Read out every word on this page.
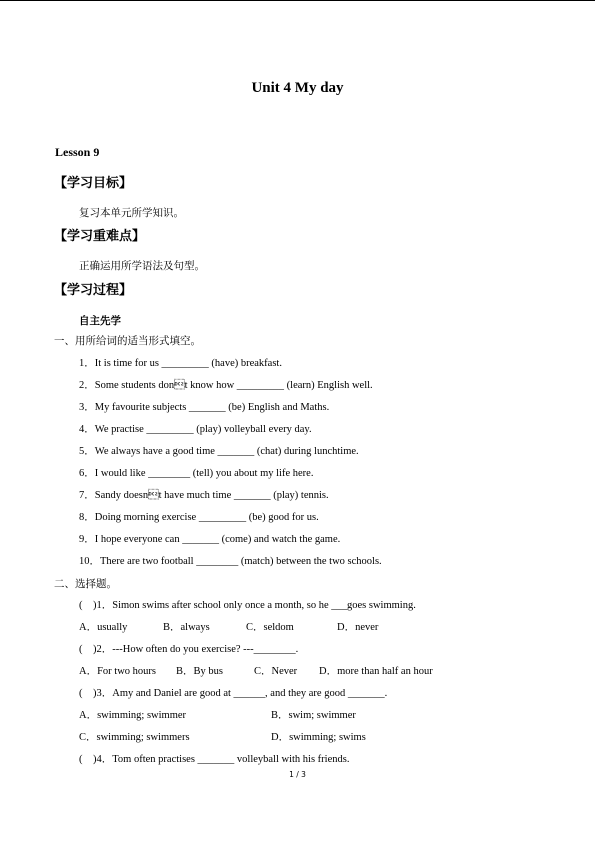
Unit 4 My day
Lesson 9
【学习目标】
复习本单元所学知识。
【学习重难点】
正确运用所学语法及句型。
【学习过程】
自主先学
一、用所给词的适当形式填空。
1．It is time for us _________ (have) breakfast.
2．Some students dont know how _________ (learn) English well.
3．My favourite subjects _______ (be) English and Maths.
4．We practise _________ (play) volleyball every day.
5．We always have a good time _______ (chat) during lunchtime.
6．I would like ________ (tell) you about my life here.
7．Sandy doesnt have much time _______ (play) tennis.
8．Doing morning exercise _________ (be) good for us.
9．I hope everyone can _______ (come) and watch the game.
10．There are two football ________ (match) between the two schools.
二、选择题。
(　)1．Simon swims after school only once a month, so he ___goes swimming.
A．usually	B．always	C．seldom	D．never
(　)2．---How often do you exercise? ---________.
A．For two hours B．By bus	C．Never D．more than half an hour
(　)3．Amy and Daniel are good at ______, and they are good _______.
A．swimming; swimmer	B．swim; swimmer
C．swimming; swimmers	D．swimming; swims
(　)4．Tom often practises _______ volleyball with his friends.
1 / 3
